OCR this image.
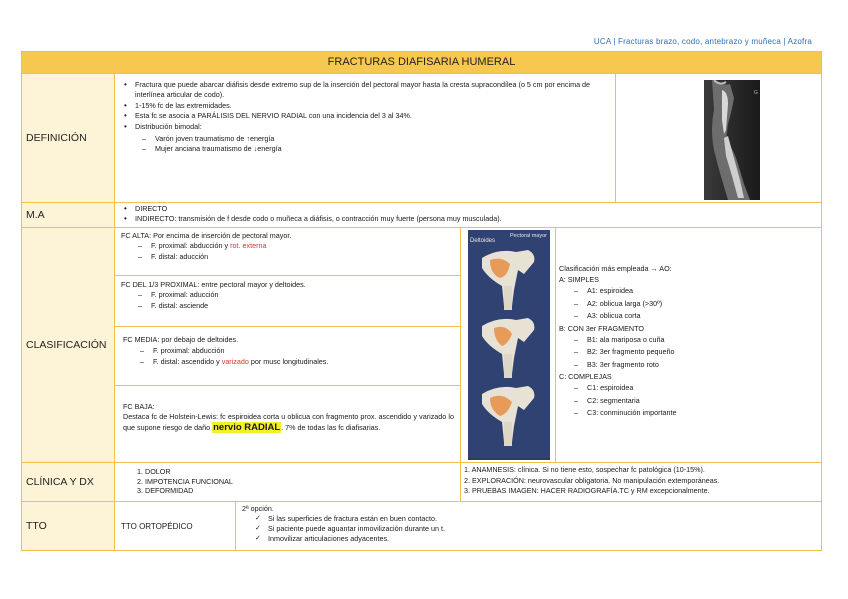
UCA | Fracturas brazo, codo, antebrazo y muñeca | Azofra
FRACTURAS DIAFISARIA HUMERAL
DEFINICIÓN
• Fractura que puede abarcar diáfisis desde extremo sup de la inserción del pectoral mayor hasta la cresta supracondílea (o 5 cm por encima de interlínea articular de codo).
• 1-15% fc de las extremidades.
• Esta fc se asocia a PARÁLISIS DEL NERVIO RADIAL con una incidencia del 3 al 34%.
• Distribución bimodal:
– Varón joven traumatismo de ↑energía
– Mujer anciana traumatismo de ↓energía
G
M.A
• DIRECTO
• INDIRECTO: transmisión de f desde codo o muñeca a diáfisis, o contracción muy fuerte (persona muy musculada).
CLASIFICACIÓN
FC ALTA: Por encima de inserción de pectoral mayor.
– F. proximal: abducción y rot. externa
– F. distal: aducción
FC DEL 1/3 PROXIMAL: entre pectoral mayor y deltoides.
– F. proximal: aducción
– F. distal: asciende
FC MEDIA: por debajo de deltoides.
– F. proximal: abducción
– F. distal: ascendido y varizado por musc longitudinales.
FC BAJA:
Destaca fc de Holstein-Lewis: fc espiroidea corta u oblicua con fragmento prox. ascendido y varizado lo que supone riesgo de daño nervio RADIAL. 7% de todas las fc diafisarias.
Deltoides
Pectoral mayor
Clasificación más empleada → AO:
A: SIMPLES
– A1: espiroidea
– A2: oblicua larga (>30º)
– A3: oblicua corta
B: CON 3er FRAGMENTO
– B1: ala mariposa o cuña
– B2: 3er fragmento pequeño
– B3: 3er fragmento roto
C: COMPLEJAS
– C1: espiroidea
– C2: segmentaria
– C3: conminución importante
CLÍNICA Y DX
1. DOLOR
2. IMPOTENCIA FUNCIONAL
3. DEFORMIDAD
1. ANAMNESIS: clínica. Si no tiene esto, sospechar fc patológica (10-15%).
2. EXPLORACIÓN: neurovascular obligatoria. No manipulación extemporáneas.
3. PRUEBAS IMAGEN: HACER RADIOGRAFÍA.TC y RM excepcionalmente.
TTO	TTO ORTOPÉDICO
2ª opción.
✓ Si las superficies de fractura están en buen contacto.
✓ Si paciente puede aguantar inmovilización durante un t.
✓ Inmovilizar articulaciones adyacentes.
